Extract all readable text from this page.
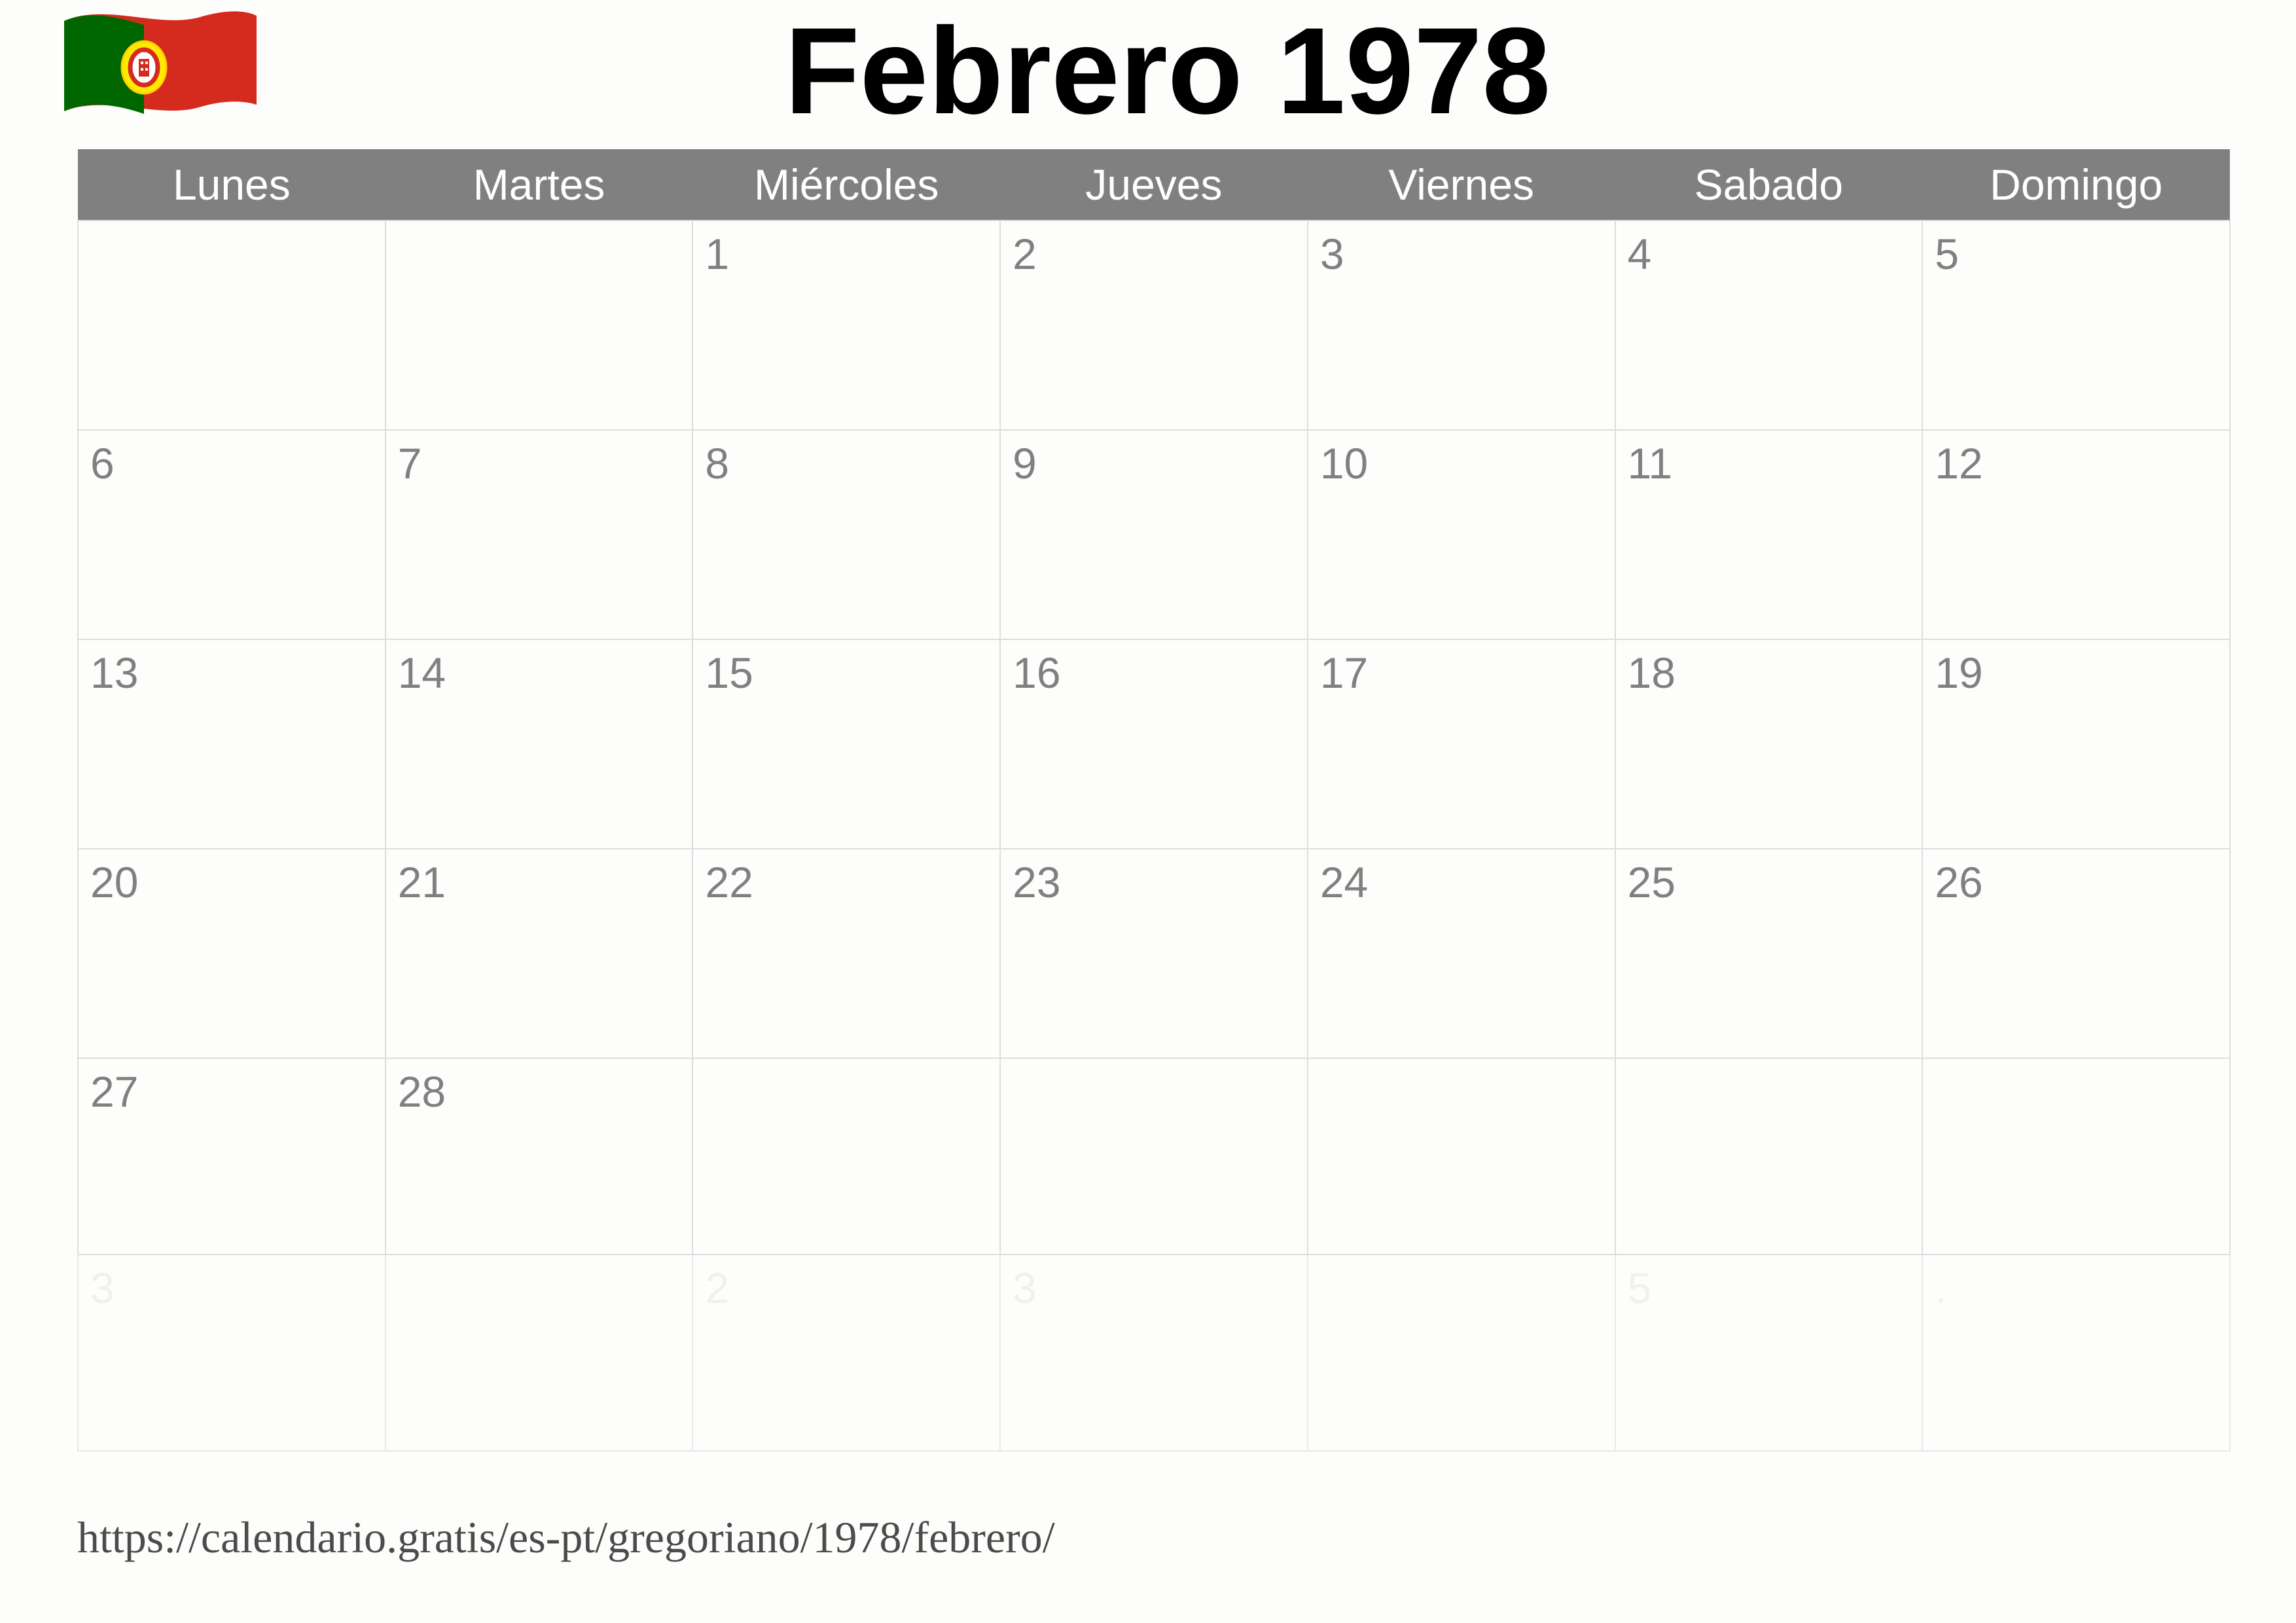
Febrero 1978
Lunes	Martes	Miércoles	Jueves	Viernes	Sabado	Domingo

		1	2	3	4	5

6	7	8	9	10	11	12

13	14	15	16	17	18	19

20	21	22	23	24	25	26

27	28					

3		2	3		5	.
https://calendario.gratis/es-pt/gregoriano/1978/febrero/
